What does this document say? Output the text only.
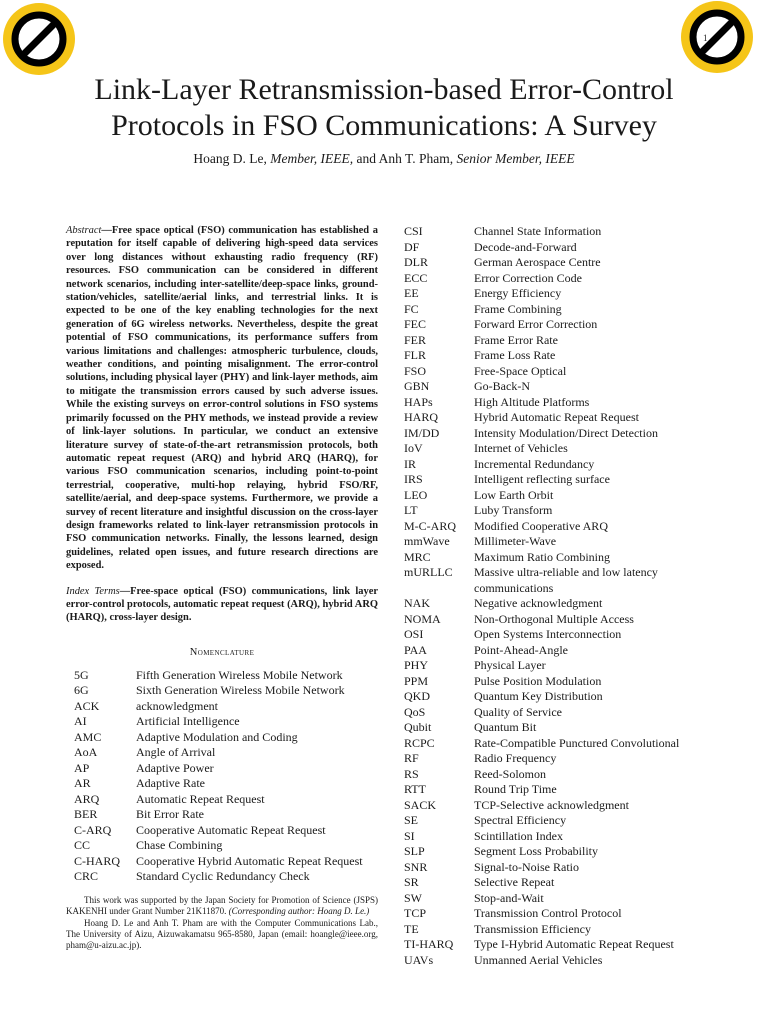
1
Link-Layer Retransmission-based Error-Control
Protocols in FSO Communications: A Survey
Hoang D. Le, Member, IEEE, and Anh T. Pham, Senior Member, IEEE

Abstract—Free space optical (FSO) communication has established a reputation for itself capable of delivering high-speed data services over long distances without exhausting radio frequency (RF) resources. FSO communication can be considered in different network scenarios, including inter-satellite/deep-space links, ground-station/vehicles, satellite/aerial links, and terrestrial links. It is expected to be one of the key enabling technologies for the next generation of 6G wireless networks. Nevertheless, despite the great potential of FSO communications, its performance suffers from various limitations and challenges: atmospheric turbulence, clouds, weather conditions, and pointing misalignment. The error-control solutions, including physical layer (PHY) and link-layer methods, aim to mitigate the transmission errors caused by such adverse issues. While the existing surveys on error-control solutions in FSO systems primarily focussed on the PHY methods, we instead provide a review of link-layer solutions. In particular, we conduct an extensive literature survey of state-of-the-art retransmission protocols, both automatic repeat request (ARQ) and hybrid ARQ (HARQ), for various FSO communication scenarios, including point-to-point terrestrial, cooperative, multi-hop relaying, hybrid FSO/RF, satellite/aerial, and deep-space systems. Furthermore, we provide a survey of recent literature and insightful discussion on the cross-layer design frameworks related to link-layer retransmission protocols in FSO communication networks. Finally, the lessons learned, design guidelines, related open issues, and future research directions are exposed.

Index Terms—Free-space optical (FSO) communications, link layer error-control protocols, automatic repeat request (ARQ), hybrid ARQ (HARQ), cross-layer design.

Nomenclature
5G	Fifth Generation Wireless Mobile Network
6G	Sixth Generation Wireless Mobile Network
ACK	acknowledgment
AI	Artificial Intelligence
AMC	Adaptive Modulation and Coding
AoA	Angle of Arrival
AP	Adaptive Power
AR	Adaptive Rate
ARQ	Automatic Repeat Request
BER	Bit Error Rate
C-ARQ	Cooperative Automatic Repeat Request
CC	Chase Combining
C-HARQ	Cooperative Hybrid Automatic Repeat Request
CRC	Standard Cyclic Redundancy Check
CSI	Channel State Information
DF	Decode-and-Forward
DLR	German Aerospace Centre
ECC	Error Correction Code
EE	Energy Efficiency
FC	Frame Combining
FEC	Forward Error Correction
FER	Frame Error Rate
FLR	Frame Loss Rate
FSO	Free-Space Optical
GBN	Go-Back-N
HAPs	High Altitude Platforms
HARQ	Hybrid Automatic Repeat Request
IM/DD	Intensity Modulation/Direct Detection
IoV	Internet of Vehicles
IR	Incremental Redundancy
IRS	Intelligent reflecting surface
LEO	Low Earth Orbit
LT	Luby Transform
M-C-ARQ	Modified Cooperative ARQ
mmWave	Millimeter-Wave
MRC	Maximum Ratio Combining
mURLLC	Massive ultra-reliable and low latency communications
NAK	Negative acknowledgment
NOMA	Non-Orthogonal Multiple Access
OSI	Open Systems Interconnection
PAA	Point-Ahead-Angle
PHY	Physical Layer
PPM	Pulse Position Modulation
QKD	Quantum Key Distribution
QoS	Quality of Service
Qubit	Quantum Bit
RCPC	Rate-Compatible Punctured Convolutional
RF	Radio Frequency
RS	Reed-Solomon
RTT	Round Trip Time
SACK	TCP-Selective acknowledgment
SE	Spectral Efficiency
SI	Scintillation Index
SLP	Segment Loss Probability
SNR	Signal-to-Noise Ratio
SR	Selective Repeat
SW	Stop-and-Wait
TCP	Transmission Control Protocol
TE	Transmission Efficiency
TI-HARQ	Type I-Hybrid Automatic Repeat Request
UAVs	Unmanned Aerial Vehicles

This work was supported by the Japan Society for Promotion of Science (JSPS) KAKENHI under Grant Number 21K11870. (Corresponding author: Hoang D. Le.)

Hoang D. Le and Anh T. Pham are with the Computer Communications Lab., The University of Aizu, Aizuwakamatsu 965-8580, Japan (email: hoangle@ieee.org, pham@u-aizu.ac.jp).
